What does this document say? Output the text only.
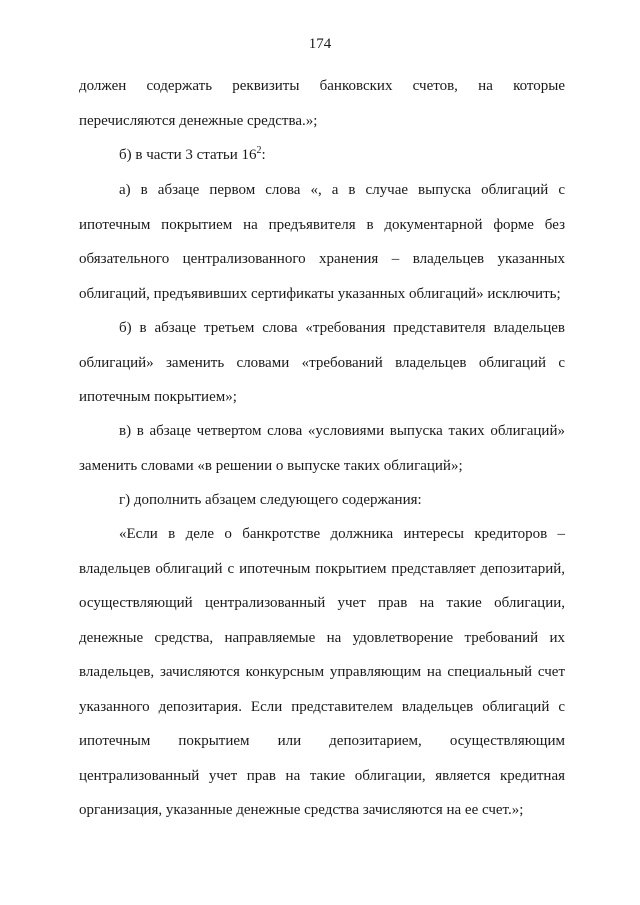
174
должен содержать реквизиты банковских счетов, на которые
перечисляются денежные средства.»;
б) в части 3 статьи $16^2$:
а) в абзаце первом слова «, а в случае выпуска облигаций с
ипотечным покрытием на предъявителя в документарной форме без
обязательного централизованного хранения – владельцев указанных
облигаций, предъявивших сертификаты указанных облигаций» исключить;
б) в абзаце третьем слова «требования представителя владельцев
облигаций» заменить словами «требований владельцев облигаций с
ипотечным покрытием»;
в) в абзаце четвертом слова «условиями выпуска таких облигаций»
заменить словами «в решении о выпуске таких облигаций»;
г) дополнить абзацем следующего содержания:
«Если в деле о банкротстве должника интересы кредиторов –
владельцев облигаций с ипотечным покрытием представляет депозитарий,
осуществляющий централизованный учет прав на такие облигации,
денежные средства, направляемые на удовлетворение требований их
владельцев, зачисляются конкурсным управляющим на специальный счет
указанного депозитария. Если представителем владельцев облигаций с
ипотечным покрытием или депозитарием, осуществляющим
централизованный учет прав на такие облигации, является кредитная
организация, указанные денежные средства зачисляются на ее счет.»;
